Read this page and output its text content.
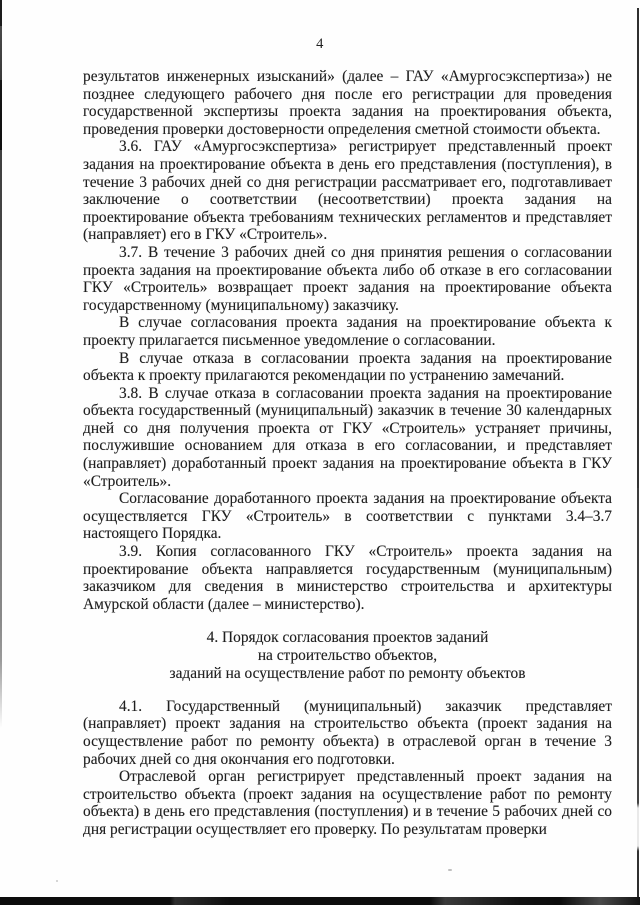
4

результатов инженерных изысканий» (далее – ГАУ «Амургосэкспертиза») не позднее следующего рабочего дня после его регистрации для проведения государственной экспертизы проекта задания на проектирования объекта, проведения проверки достоверности определения сметной стоимости объекта.

3.6. ГАУ «Амургосэкспертиза» регистрирует представленный проект задания на проектирование объекта в день его представления (поступления), в течение 3 рабочих дней со дня регистрации рассматривает его, подготавливает заключение о соответствии (несоответствии) проекта задания на проектирование объекта требованиям технических регламентов и представляет (направляет) его в ГКУ «Строитель».

3.7. В течение 3 рабочих дней со дня принятия решения о согласовании проекта задания на проектирование объекта либо об отказе в его согласовании ГКУ «Строитель» возвращает проект задания на проектирование объекта государственному (муниципальному) заказчику.

В случае согласования проекта задания на проектирование объекта к проекту прилагается письменное уведомление о согласовании.

В случае отказа в согласовании проекта задания на проектирование объекта к проекту прилагаются рекомендации по устранению замечаний.

3.8. В случае отказа в согласовании проекта задания на проектирование объекта государственный (муниципальный) заказчик в течение 30 календарных дней со дня получения проекта от ГКУ «Строитель» устраняет причины, послужившие основанием для отказа в его согласовании, и представляет (направляет) доработанный проект задания на проектирование объекта в ГКУ «Строитель».

Согласование доработанного проекта задания на проектирование объекта осуществляется ГКУ «Строитель» в соответствии с пунктами 3.4–3.7 настоящего Порядка.

3.9. Копия согласованного ГКУ «Строитель» проекта задания на проектирование объекта направляется государственным (муниципальным) заказчиком для сведения в министерство строительства и архитектуры Амурской области (далее – министерство).

4. Порядок согласования проектов заданий
на строительство объектов,
заданий на осуществление работ по ремонту объектов

4.1. Государственный (муниципальный) заказчик представляет (направляет) проект задания на строительство объекта (проект задания на осуществление работ по ремонту объекта) в отраслевой орган в течение 3 рабочих дней со дня окончания его подготовки.

Отраслевой орган регистрирует представленный проект задания на строительство объекта (проект задания на осуществление работ по ремонту объекта) в день его представления (поступления) и в течение 5 рабочих дней со дня регистрации осуществляет его проверку. По результатам проверки
